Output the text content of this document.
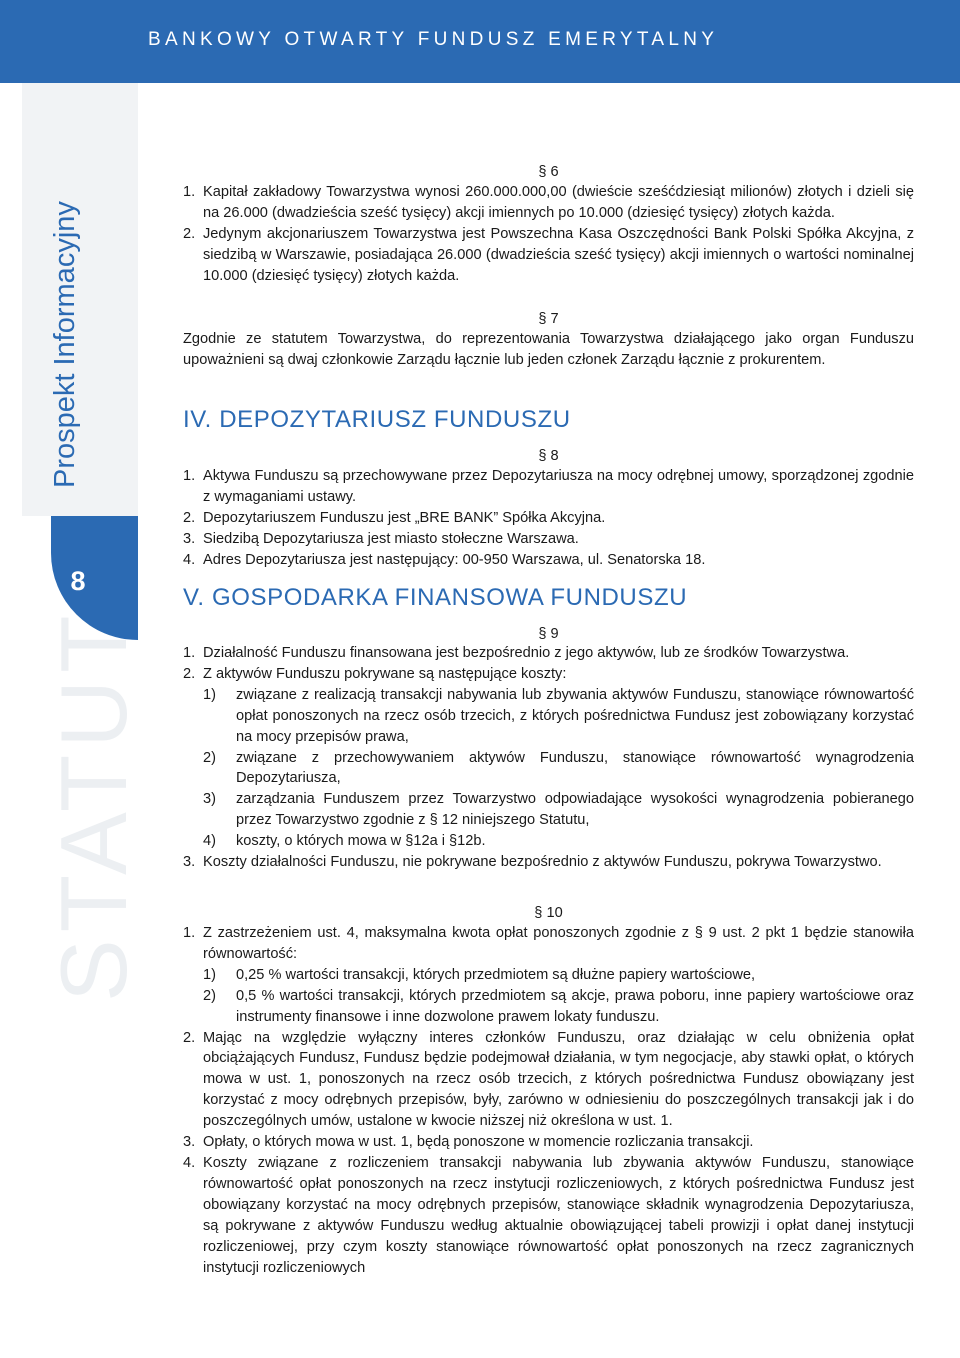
BANKOWY OTWARTY FUNDUSZ EMERYTALNY
Prospekt Informacyjny
8
STATUT
§ 6
1. Kapitał zakładowy Towarzystwa wynosi 260.000.000,00 (dwieście sześćdziesiąt milionów) złotych i dzieli się na 26.000 (dwadzieścia sześć tysięcy) akcji imiennych po 10.000 (dziesięć tysięcy) złotych każda.
2. Jedynym akcjonariuszem Towarzystwa jest Powszechna Kasa Oszczędności Bank Polski Spółka Akcyjna, z siedzibą w Warszawie, posiadająca 26.000 (dwadzieścia sześć tysięcy) akcji imiennych o wartości nominalnej 10.000 (dziesięć tysięcy) złotych każda.
§ 7

Zgodnie ze statutem Towarzystwa, do reprezentowania Towarzystwa działającego jako organ Funduszu upoważnieni są dwaj członkowie Zarządu łącznie lub jeden członek Zarządu łącznie z prokurentem.

IV. DEPOZYTARIUSZ FUNDUSZU
§ 8
1. Aktywa Funduszu są przechowywane przez Depozytariusza na mocy odrębnej umowy, sporządzonej zgodnie z wymaganiami ustawy.
2. Depozytariuszem Funduszu jest „BRE BANK” Spółka Akcyjna.
3. Siedzibą Depozytariusza jest miasto stołeczne Warszawa.
4. Adres Depozytariusza jest następujący: 00-950 Warszawa, ul. Senatorska 18.
V. GOSPODARKA FINANSOWA FUNDUSZU
§ 9
1. Działalność Funduszu finansowana jest bezpośrednio z jego aktywów, lub ze środków Towarzystwa.
2. Z aktywów Funduszu pokrywane są następujące koszty:
1)	związane z realizacją transakcji nabywania lub zbywania aktywów Funduszu, stanowiące równowartość opłat ponoszonych na rzecz osób trzecich, z których pośrednictwa Fundusz jest zobowiązany korzystać na mocy przepisów prawa,
2)	związane z przechowywaniem aktywów Funduszu, stanowiące równowartość wynagrodzenia Depozytariusza,
3)	zarządzania Funduszem przez Towarzystwo odpowiadające wysokości wynagrodzenia pobieranego przez Towarzystwo zgodnie z § 12 niniejszego Statutu,
4)	koszty, o których mowa w §12a i §12b.
3. Koszty działalności Funduszu, nie pokrywane bezpośrednio z aktywów Funduszu, pokrywa Towarzystwo.
§ 10
1. Z zastrzeżeniem ust. 4, maksymalna kwota opłat ponoszonych zgodnie z § 9 ust. 2 pkt 1 będzie stanowiła równowartość:
1)	0,25 % wartości transakcji, których przedmiotem są dłużne papiery wartościowe,
2)	0,5 % wartości transakcji, których przedmiotem są akcje, prawa poboru, inne papiery wartościowe oraz instrumenty finansowe i inne dozwolone prawem lokaty funduszu.
2. Mając na względzie wyłączny interes członków Funduszu, oraz działając w celu obniżenia opłat obciążających Fundusz, Fundusz będzie podejmował działania, w tym negocjacje, aby stawki opłat, o których mowa w ust. 1, ponoszonych na rzecz osób trzecich, z których pośrednictwa Fundusz obowiązany jest korzystać z mocy odrębnych przepisów, były, zarówno w odniesieniu do poszczególnych transakcji jak i do poszczególnych umów, ustalone w kwocie niższej niż określona w ust. 1.
3. Opłaty, o których mowa w ust. 1, będą ponoszone w momencie rozliczania transakcji.
4. Koszty związane z rozliczeniem transakcji nabywania lub zbywania aktywów Funduszu, stanowiące równowartość opłat ponoszonych na rzecz instytucji rozliczeniowych, z których pośrednictwa Fundusz jest obowiązany korzystać na mocy odrębnych przepisów, stanowiące składnik wynagrodzenia Depozytariusza, są pokrywane z aktywów Funduszu według aktualnie obowiązującej tabeli prowizji i opłat danej instytucji rozliczeniowej, przy czym koszty stanowiące równowartość opłat ponoszonych na rzecz zagranicznych instytucji rozliczeniowych
